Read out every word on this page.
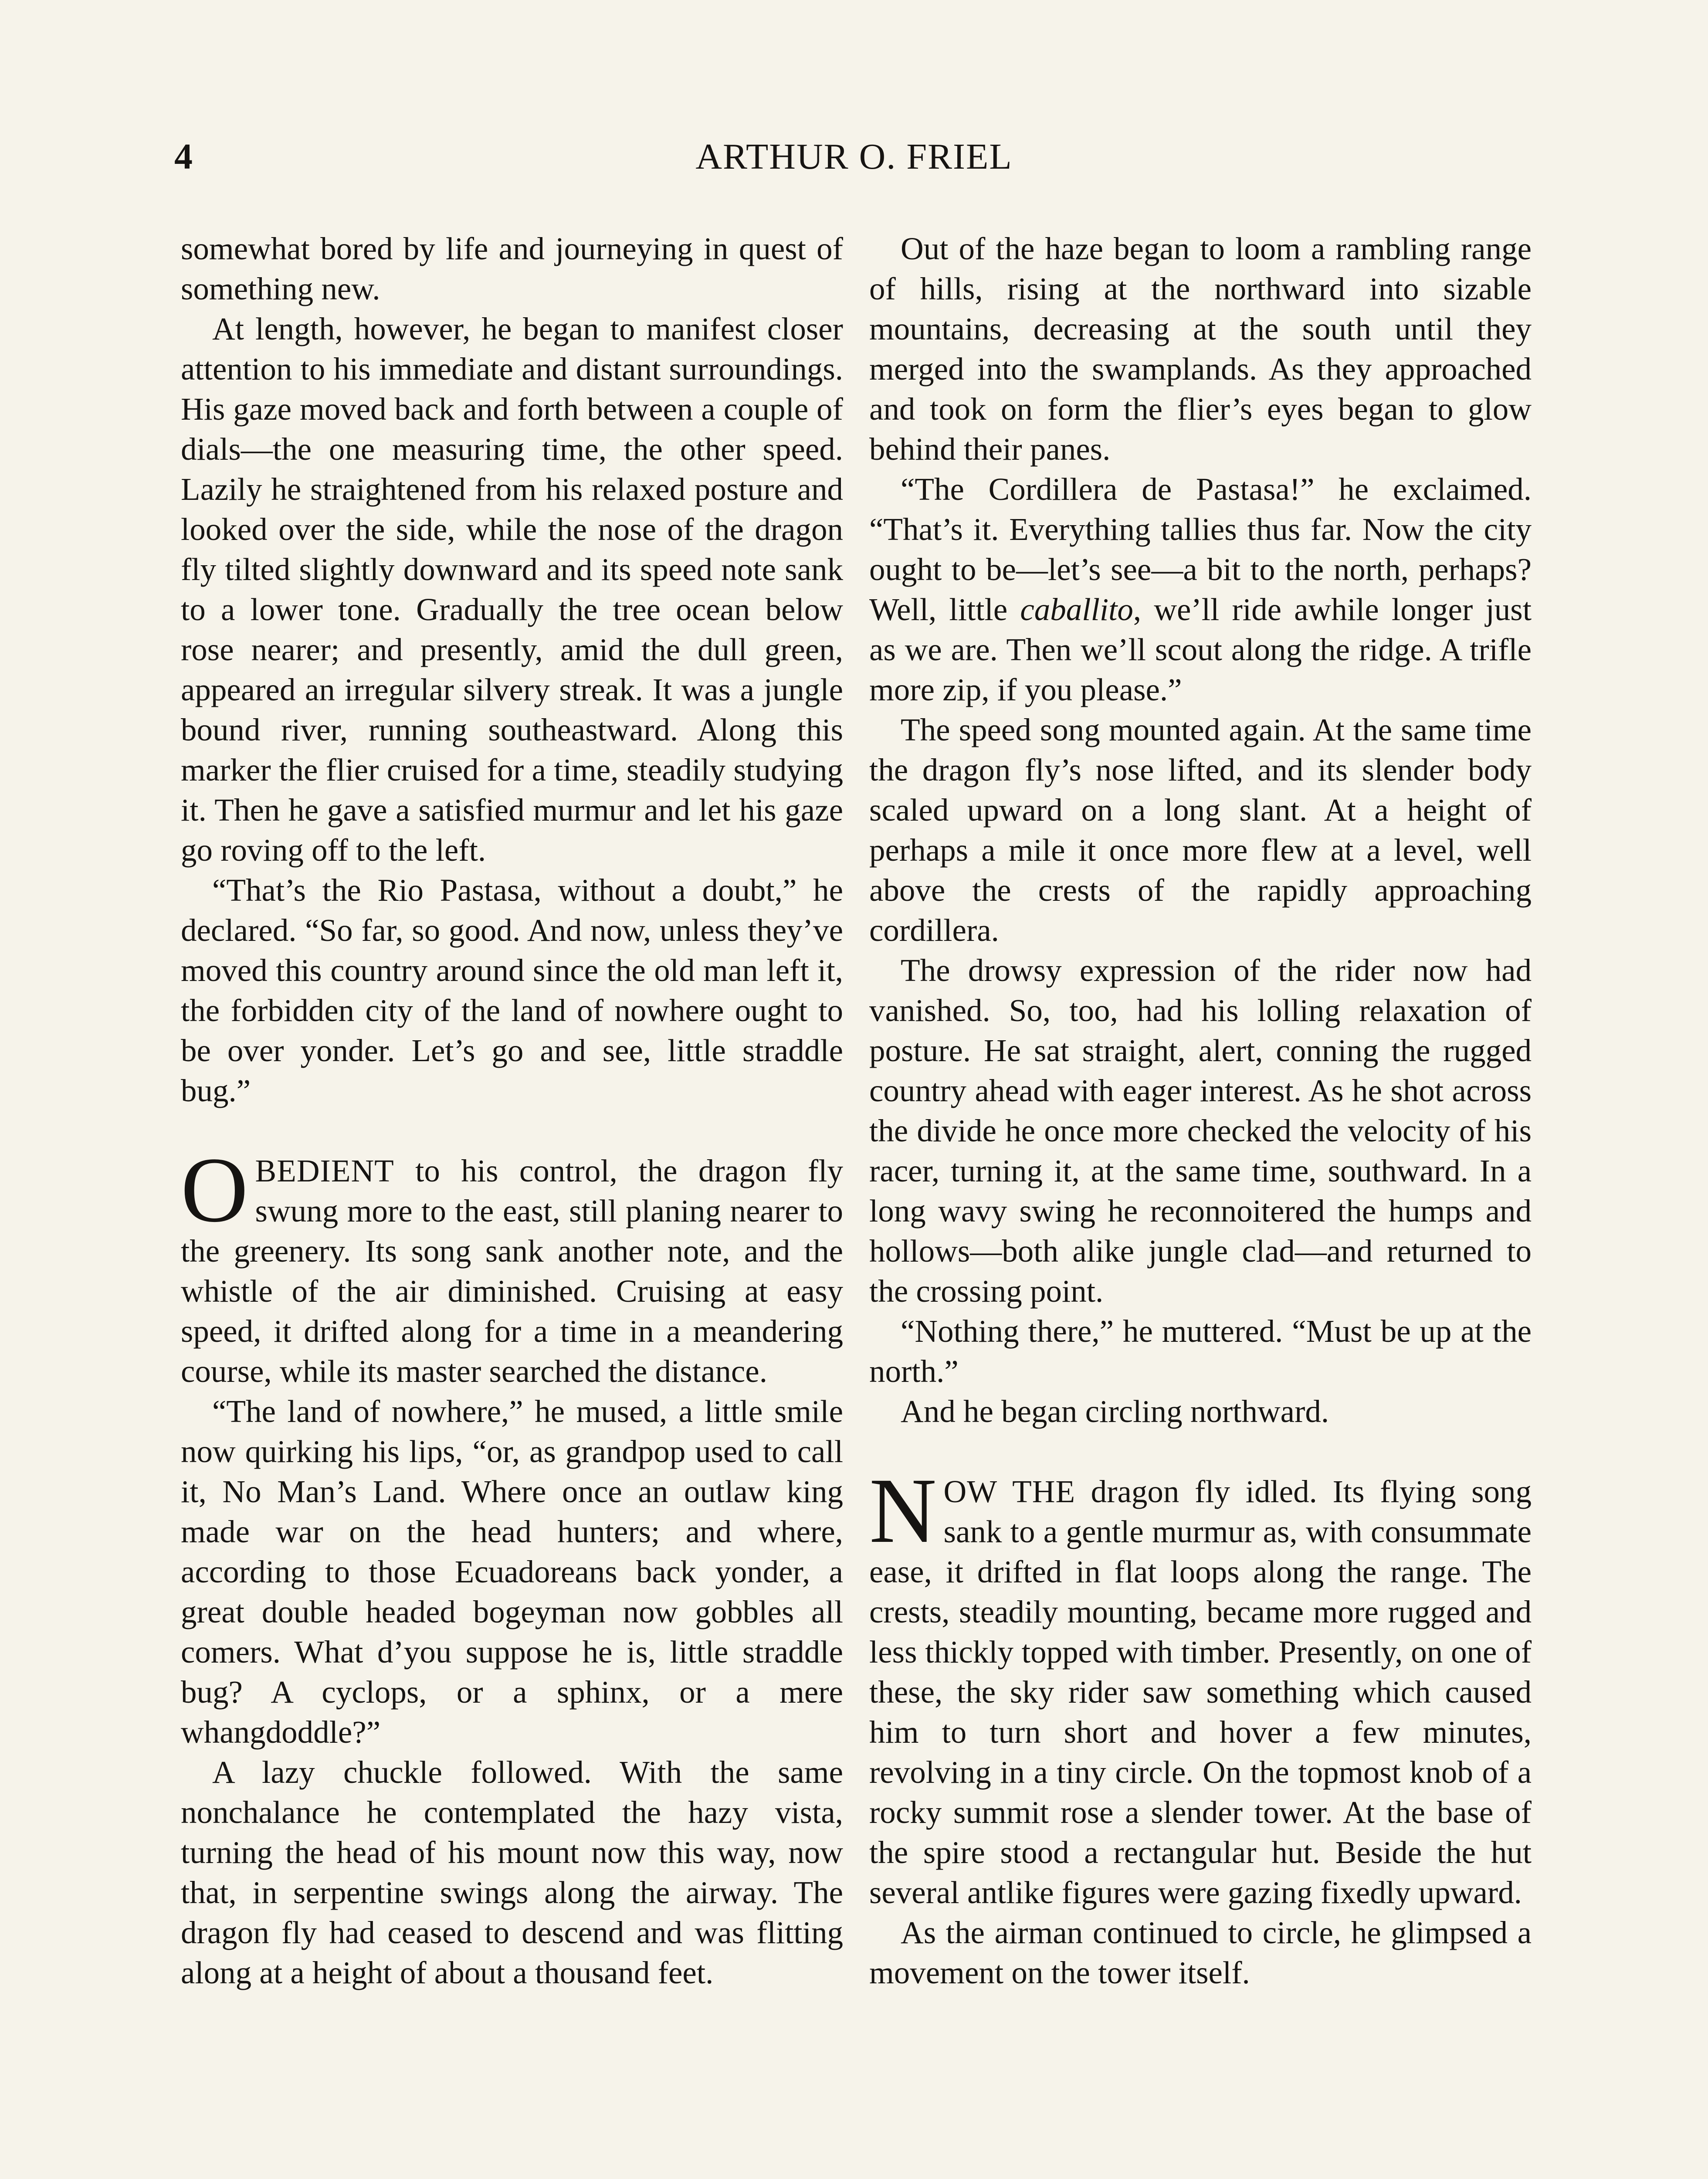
4	ARTHUR O. FRIEL

somewhat bored by life and journeying in quest of something new.

At length, however, he began to manifest closer attention to his immediate and distant surroundings. His gaze moved back and forth between a couple of dials—the one measuring time, the other speed. Lazily he straightened from his relaxed posture and looked over the side, while the nose of the dragon fly tilted slightly downward and its speed note sank to a lower tone. Gradually the tree ocean below rose nearer; and presently, amid the dull green, appeared an irregular silvery streak. It was a jungle bound river, running southeastward. Along this marker the flier cruised for a time, steadily studying it. Then he gave a satisfied murmur and let his gaze go roving off to the left.

“That’s the Rio Pastasa, without a doubt,” he declared. “So far, so good. And now, unless they’ve moved this country around since the old man left it, the forbidden city of the land of nowhere ought to be over yonder. Let’s go and see, little straddle bug.”

OBEDIENT to his control, the dragon fly swung more to the east, still planing nearer to the greenery. Its song sank another note, and the whistle of the air diminished. Cruising at easy speed, it drifted along for a time in a meandering course, while its master searched the distance.

“The land of nowhere,” he mused, a little smile now quirking his lips, “or, as grandpop used to call it, No Man’s Land. Where once an outlaw king made war on the head hunters; and where, according to those Ecuadoreans back yonder, a great double headed bogeyman now gobbles all comers. What d’you suppose he is, little straddle bug? A cyclops, or a sphinx, or a mere whangdoddle?”

A lazy chuckle followed. With the same nonchalance he contemplated the hazy vista, turning the head of his mount now this way, now that, in serpentine swings along the airway. The dragon fly had ceased to descend and was flitting along at a height of about a thousand feet.

Out of the haze began to loom a rambling range of hills, rising at the northward into sizable mountains, decreasing at the south until they merged into the swamplands. As they approached and took on form the flier’s eyes began to glow behind their panes.

“The Cordillera de Pastasa!” he exclaimed. “That’s it. Everything tallies thus far. Now the city ought to be—let’s see—a bit to the north, perhaps? Well, little caballito, we’ll ride awhile longer just as we are. Then we’ll scout along the ridge. A trifle more zip, if you please.”

The speed song mounted again. At the same time the dragon fly’s nose lifted, and its slender body scaled upward on a long slant. At a height of perhaps a mile it once more flew at a level, well above the crests of the rapidly approaching cordillera.

The drowsy expression of the rider now had vanished. So, too, had his lolling relaxation of posture. He sat straight, alert, conning the rugged country ahead with eager interest. As he shot across the divide he once more checked the velocity of his racer, turning it, at the same time, southward. In a long wavy swing he reconnoitered the humps and hollows—both alike jungle clad—and returned to the crossing point.

“Nothing there,” he muttered. “Must be up at the north.”

And he began circling northward.

NOW THE dragon fly idled. Its flying song sank to a gentle murmur as, with consummate ease, it drifted in flat loops along the range. The crests, steadily mounting, became more rugged and less thickly topped with timber. Presently, on one of these, the sky rider saw something which caused him to turn short and hover a few minutes, revolving in a tiny circle. On the topmost knob of a rocky summit rose a slender tower. At the base of the spire stood a rectangular hut. Beside the hut several antlike figures were gazing fixedly upward.

As the airman continued to circle, he glimpsed a movement on the tower itself.
